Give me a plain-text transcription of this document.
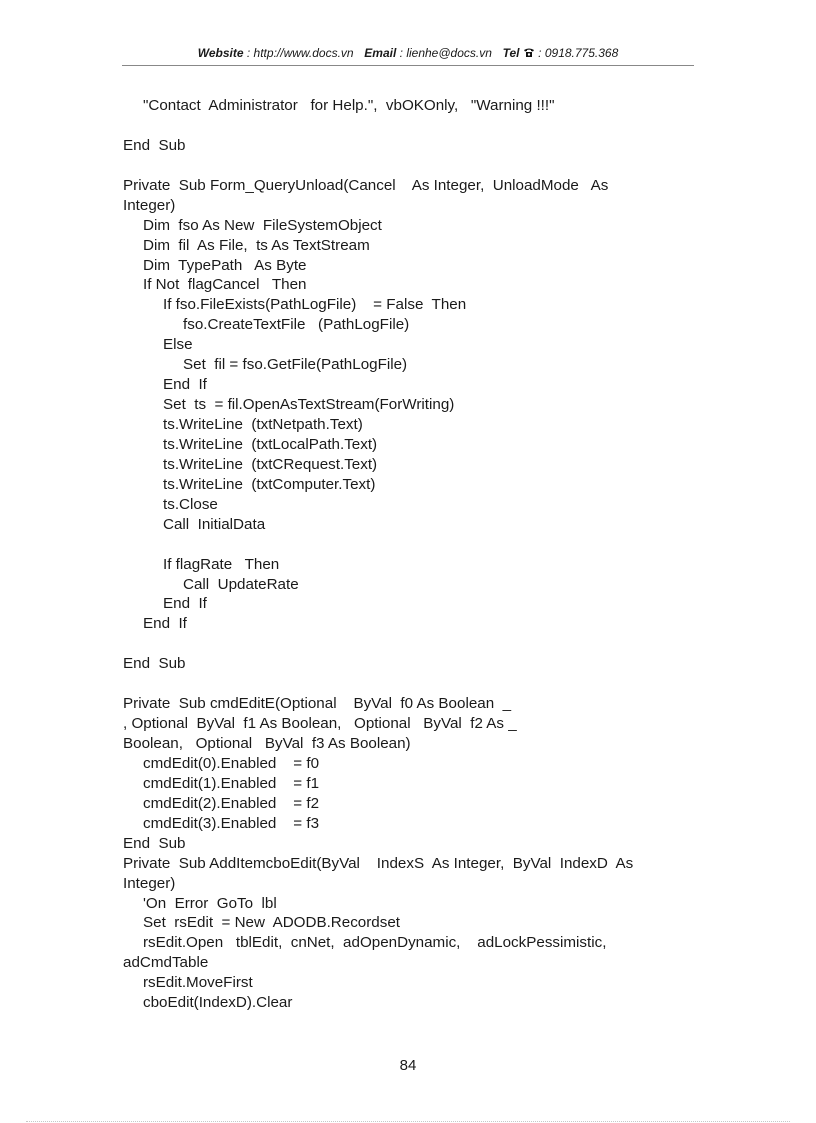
Website : http://www.docs.vn Email : lienhe@docs.vn Tel  : 0918.775.368
"Contact  Administrator   for Help.",  vbOKOnly,   "Warning !!!"
End  Sub
Private  Sub Form_QueryUnload(Cancel    As Integer,  UnloadMode   As
Integer)
Dim  fso As New  FileSystemObject
Dim  fil  As File,  ts As TextStream
Dim  TypePath   As Byte
If Not  flagCancel   Then
If fso.FileExists(PathLogFile)    = False  Then
fso.CreateTextFile   (PathLogFile)
Else
Set  fil = fso.GetFile(PathLogFile)
End  If
Set  ts  = fil.OpenAsTextStream(ForWriting)
ts.WriteLine  (txtNetpath.Text)
ts.WriteLine  (txtLocalPath.Text)
ts.WriteLine  (txtCRequest.Text)
ts.WriteLine  (txtComputer.Text)
ts.Close
Call  InitialData
If flagRate   Then
Call  UpdateRate
End  If
End  If
End  Sub
Private  Sub cmdEditE(Optional    ByVal  f0 As Boolean  _
, Optional  ByVal  f1 As Boolean,   Optional   ByVal  f2 As _
Boolean,   Optional   ByVal  f3 As Boolean)
cmdEdit(0).Enabled    = f0
cmdEdit(1).Enabled    = f1
cmdEdit(2).Enabled    = f2
cmdEdit(3).Enabled    = f3
End  Sub
Private  Sub AddItemcboEdit(ByVal    IndexS  As Integer,  ByVal  IndexD  As
Integer)
'On  Error  GoTo  lbl
Set  rsEdit  = New  ADODB.Recordset
rsEdit.Open   tblEdit,  cnNet,  adOpenDynamic,    adLockPessimistic,
adCmdTable
rsEdit.MoveFirst
cboEdit(IndexD).Clear
84
